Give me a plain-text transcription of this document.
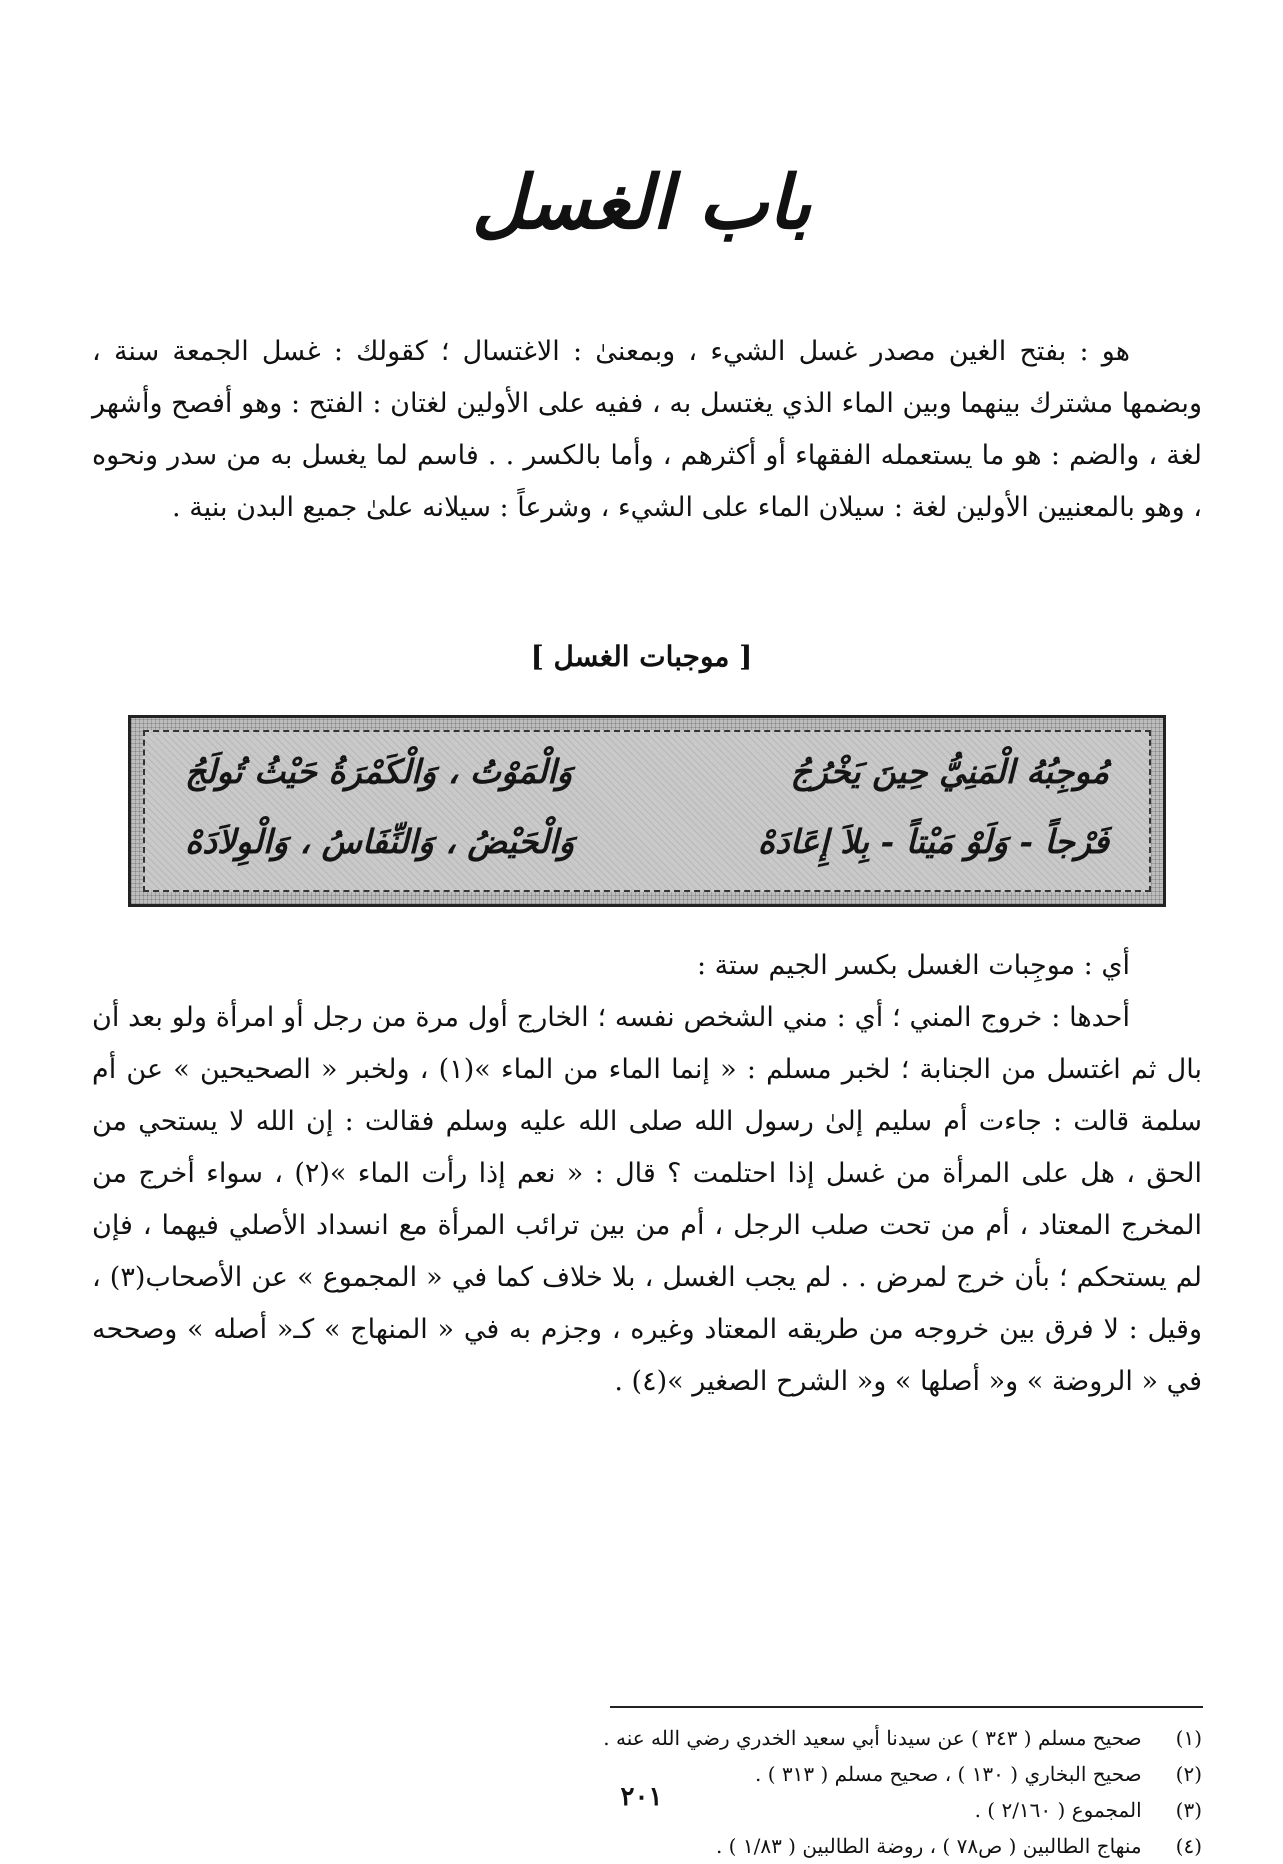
باب الغسل

هو : بفتح الغين مصدر غسل الشيء ، وبمعنىٰ : الاغتسال ؛ كقولك : غسل الجمعة سنة ، وبضمها مشترك بينهما وبين الماء الذي يغتسل به ، ففيه على الأولين لغتان : الفتح : وهو أفصح وأشهر لغة ، والضم : هو ما يستعمله الفقهاء أو أكثرهم ، وأما بالكسر . . فاسم لما يغسل به من سدر ونحوه ، وهو بالمعنيين الأولين لغة : سيلان الماء على الشيء ، وشرعاً : سيلانه علىٰ جميع البدن بنية .

[ موجبات الغسل ]
مُوجِبُهُ الْمَنِيُّ حِينَ يَخْرُجُ
وَالْمَوْتُ ، وَالْكَمْرَةُ حَيْثُ تُولَجُ
فَرْجاً - وَلَوْ مَيْتاً - بِلاَ إِعَادَهْ
وَالْحَيْضُ ، وَالنِّفَاسُ ، وَالْوِلاَدَهْ

أي : موجِبات الغسل بكسر الجيم ستة :

أحدها : خروج المني ؛ أي : مني الشخص نفسه ؛ الخارج أول مرة من رجل أو امرأة ولو بعد أن بال ثم اغتسل من الجنابة ؛ لخبر مسلم : « إنما الماء من الماء »(١) ، ولخبر « الصحيحين » عن أم سلمة قالت : جاءت أم سليم إلىٰ رسول الله صلى الله عليه وسلم فقالت : إن الله لا يستحي من الحق ، هل على المرأة من غسل إذا احتلمت ؟ قال : « نعم إذا رأت الماء »(٢) ، سواء أخرج من المخرج المعتاد ، أم من تحت صلب الرجل ، أم من بين ترائب المرأة مع انسداد الأصلي فيهما ، فإن لم يستحكم ؛ بأن خرج لمرض . . لم يجب الغسل ، بلا خلاف كما في « المجموع » عن الأصحاب(٣) ، وقيل : لا فرق بين خروجه من طريقه المعتاد وغيره ، وجزم به في « المنهاج » كـ« أصله » وصححه في « الروضة » و« أصلها » و« الشرح الصغير »(٤) .

(١) صحيح مسلم ( ٣٤٣ ) عن سيدنا أبي سعيد الخدري رضي الله عنه .
(٢) صحيح البخاري ( ١٣٠ ) ، صحيح مسلم ( ٣١٣ ) .
(٣) المجموع ( ٢/١٦٠ ) .
(٤) منهاج الطالبين ( ص٧٨ ) ، روضة الطالبين ( ١/٨٣ ) .
٢٠١
